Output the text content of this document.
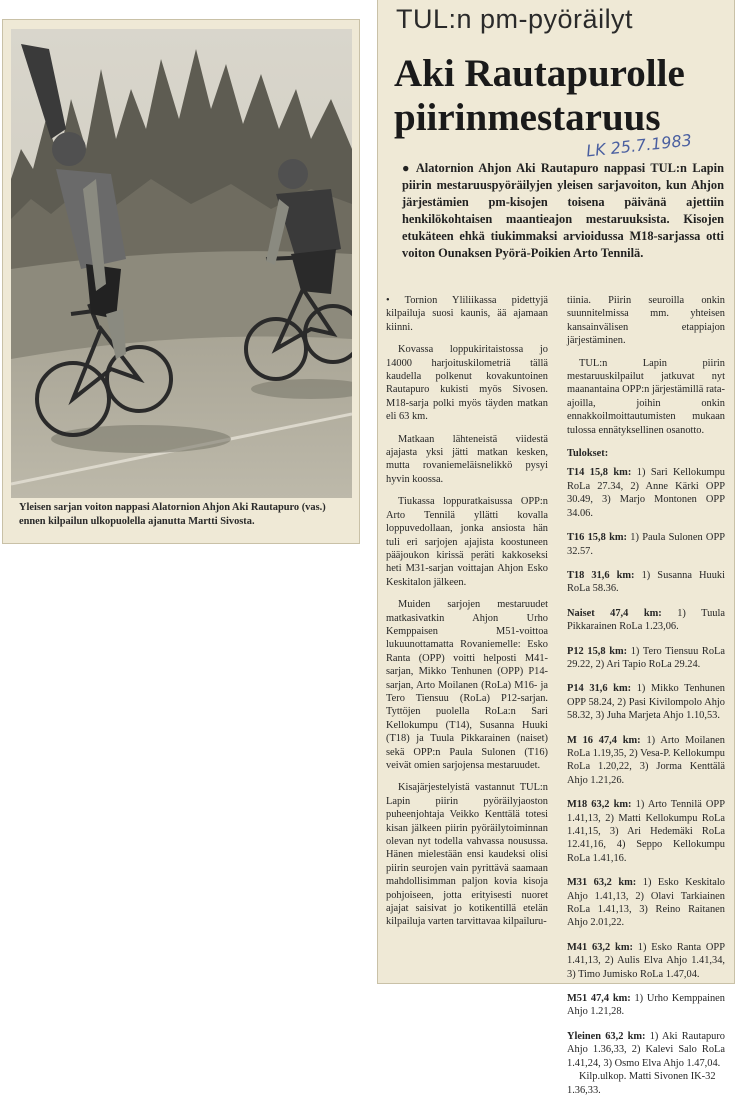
Yleisen sarjan voiton nappasi Alatornion Ahjon Aki Rautapuro (vas.) ennen kilpailun ulkopuolella ajanutta Martti Sivosta.
TUL:n pm-pyöräilyt
Aki Rautapurolle
piirinmestaruus
LK 25.7.1983
● Alatornion Ahjon Aki Rautapuro nappasi TUL:n Lapin piirin mestaruuspyöräilyjen yleisen sarjavoiton, kun Ahjon järjestämien pm-kisojen toisena päivänä ajettiin henkilökohtaisen maantieajon mestaruuksista. Kisojen etukäteen ehkä tiukimmaksi arvioidussa M18-sarjassa otti voiton Ounaksen Pyörä-Poikien Arto Tennilä.

• Tornion Yliliikassa pidettyjä kilpailuja suosi kaunis, ää ajamaan kiinni.

Kovassa loppukiritaistossa jo 14000 harjoituskilometriä tällä kaudella polkenut kovakuntoinen Rautapuro kukisti myös Sivosen. M18-sarja polki myös täyden matkan eli 63 km.

Matkaan lähteneistä viidestä ajajasta yksi jätti matkan kesken, mutta rovaniemeläisnelikkö pysyi hyvin koossa.

Tiukassa loppuratkaisussa OPP:n Arto Tennilä yllätti kovalla loppuvedollaan, jonka ansiosta hän tuli eri sarjojen ajajista koostuneen pääjoukon kirissä peräti kakkoseksi heti M31-sarjan voittajan Ahjon Esko Keskitalon jälkeen.

Muiden sarjojen mestaruudet matkasivatkin Ahjon Urho Kemppaisen M51-voittoa lukuunottamatta Rovaniemelle: Esko Ranta (OPP) voitti helposti M41-sarjan, Mikko Tenhunen (OPP) P14-sarjan, Arto Moilanen (RoLa) M16- ja Tero Tiensuu (RoLa) P12-sarjan. Tyttöjen puolella RoLa:n Sari Kellokumpu (T14), Susanna Huuki (T18) ja Tuula Pikkarainen (naiset) sekä OPP:n Paula Sulonen (T16) veivät omien sarjojensa mestaruudet.

Kisajärjestelyistä vastannut TUL:n Lapin piirin pyöräilyjaoston puheenjohtaja Veikko Kenttälä totesi kisan jälkeen piirin pyöräilytoiminnan olevan nyt todella vahvassa nousussa. Hänen mielestään ensi kaudeksi olisi piirin seurojen vain pyrittävä saamaan mahdollisimman paljon kovia kisoja pohjoiseen, jotta erityisesti nuoret ajajat saisivat jo kotikentillä etelän kilpailuja varten tarvittavaa kilpailuru-

tiinia. Piirin seuroilla onkin suunnitelmissa mm. yhteisen kansainvälisen etappiajon järjestäminen.

TUL:n Lapin piirin mestaruuskilpailut jatkuvat nyt maanantaina OPP:n järjestämillä rata-ajoilla, joihin onkin ennakkoilmoittautumisten mukaan tulossa ennätyksellinen osanotto.

Tulokset:

T14 15,8 km: 1) Sari Kellokumpu RoLa 27.34, 2) Anne Kärki OPP 30.49, 3) Marjo Montonen OPP 34.06.

T16 15,8 km: 1) Paula Sulonen OPP 32.57.

T18 31,6 km: 1) Susanna Huuki RoLa 58.36.

Naiset 47,4 km: 1) Tuula Pikkarainen RoLa 1.23,06.

P12 15,8 km: 1) Tero Tiensuu RoLa 29.22, 2) Ari Tapio RoLa 29.24.

P14 31,6 km: 1) Mikko Tenhunen OPP 58.24, 2) Pasi Kivilompolo Ahjo 58.32, 3) Juha Marjeta Ahjo 1.10,53.

M 16 47,4 km: 1) Arto Moilanen RoLa 1.19,35, 2) Vesa-P. Kellokumpu RoLa 1.20,22, 3) Jorma Kenttälä Ahjo 1.21,26.

M18 63,2 km: 1) Arto Tennilä OPP 1.41,13, 2) Matti Kellokumpu RoLa 1.41,15, 3) Ari Hedemäki RoLa 12.41,16, 4) Seppo Kellokumpu RoLa 1.41,16.

M31 63,2 km: 1) Esko Keskitalo Ahjo 1.41,13, 2) Olavi Tarkiainen RoLa 1.41,13, 3) Reino Raitanen Ahjo 2.01,22.

M41 63,2 km: 1) Esko Ranta OPP 1.41,13, 2) Aulis Elva Ahjo 1.41,34, 3) Timo Jumisko RoLa 1.47,04.

M51 47,4 km: 1) Urho Kemppainen Ahjo 1.21,28.

Yleinen 63,2 km: 1) Aki Rautapuro Ahjo 1.36,33, 2) Kalevi Salo RoLa 1.41,24, 3) Osmo Elva Ahjo 1.47,04.

Kilp.ulkop. Matti Sivonen IK-32 1.36,33.
